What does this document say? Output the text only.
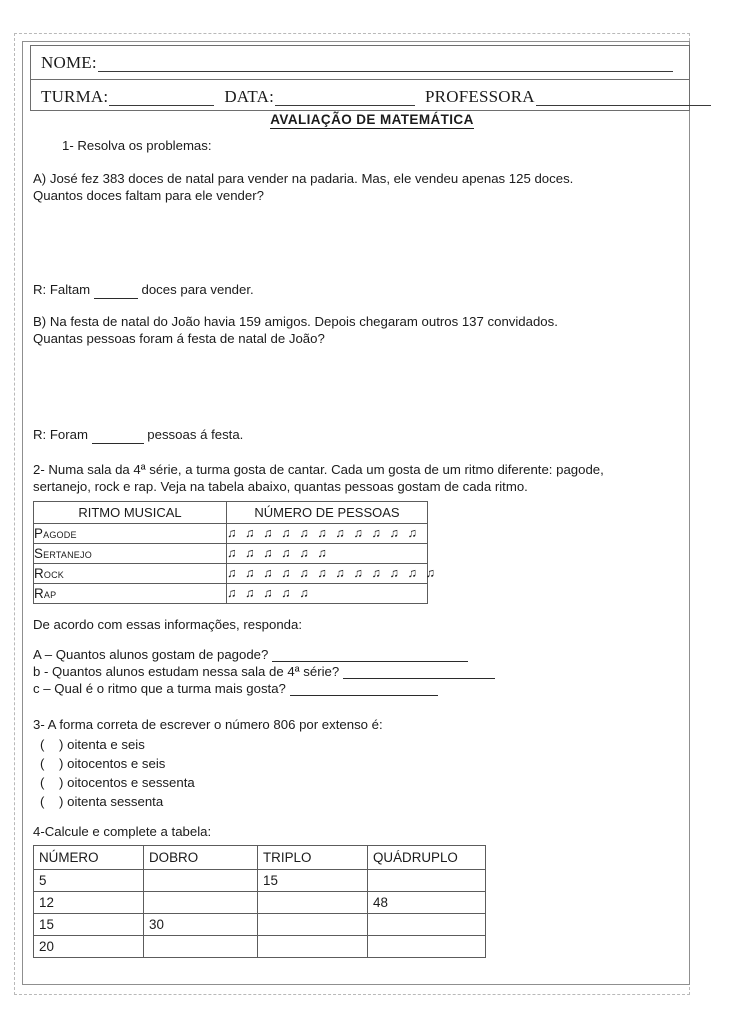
NOME:
TURMA:	DATA:	PROFESSORA
AVALIAÇÃO DE MATEMÁTICA
1- Resolva os problemas:
A) José fez 383 doces de natal para vender na padaria. Mas, ele vendeu apenas 125 doces.
Quantos doces faltam para ele vender?
R: Faltam	doces para vender.
B) Na festa de natal do João havia 159 amigos. Depois chegaram outros 137 convidados.
Quantas pessoas foram á festa de natal de João?
R: Foram	pessoas á festa.
2- Numa sala da 4ª série, a turma gosta de cantar. Cada um gosta de um ritmo diferente: pagode,
sertanejo, rock e rap. Veja na tabela abaixo, quantas pessoas gostam de cada ritmo.
RITMO MUSICAL	NÚMERO DE PESSOAS
Pagode	♫ ♫ ♫ ♫ ♫ ♫ ♫ ♫ ♫ ♫ ♫
Sertanejo	♫ ♫ ♫ ♫ ♫ ♫
Rock	♫ ♫ ♫ ♫ ♫ ♫ ♫ ♫ ♫ ♫ ♫ ♫
Rap	♫ ♫ ♫ ♫ ♫
De acordo com essas informações, responda:
A – Quantos alunos gostam de pagode?
b - Quantos alunos estudam nessa sala de 4ª série?
c – Qual é o ritmo que a turma mais gosta?
3- A forma correta de escrever o número 806 por extenso é:
(    ) oitenta e seis
(    ) oitocentos e seis
(    ) oitocentos e sessenta
(    ) oitenta sessenta
4-Calcule e complete a tabela:
NÚMERO	DOBRO	TRIPLO	QUÁDRUPLO
5		15	
12			48
15	30		
20			
